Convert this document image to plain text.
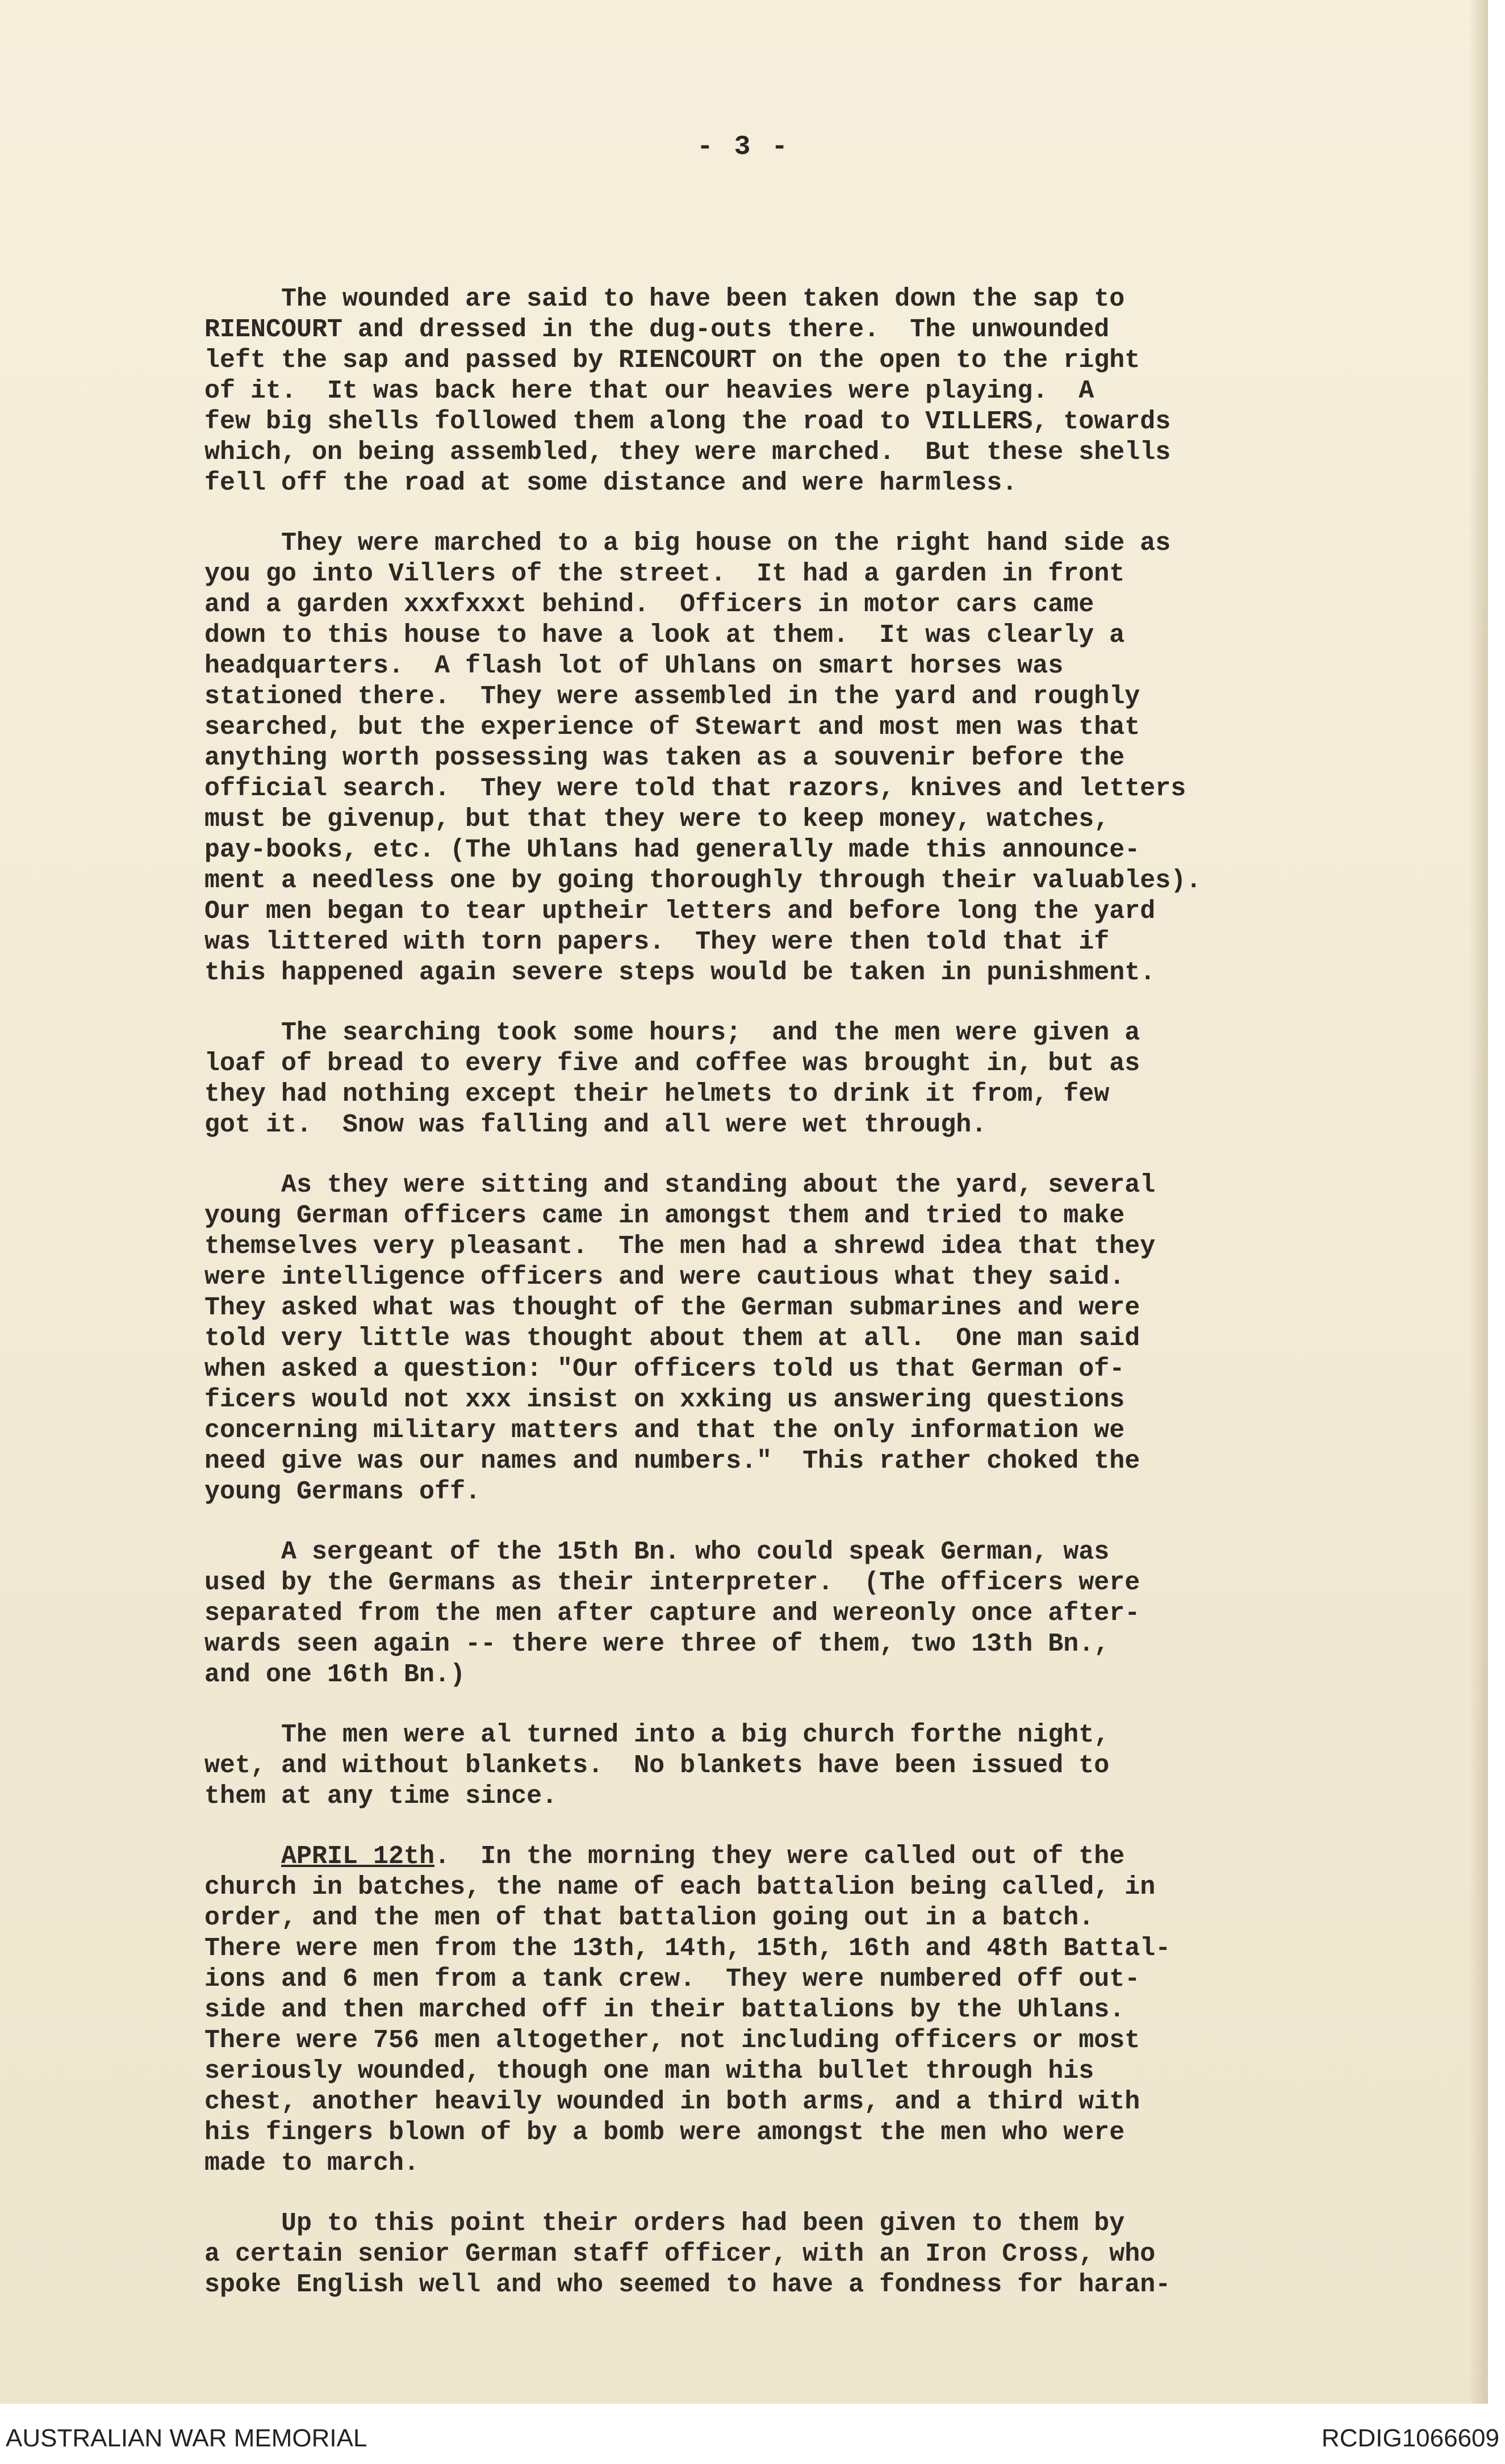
- 3 -
The wounded are said to have been taken down the sap to
RIENCOURT and dressed in the dug-outs there.  The unwounded
left the sap and passed by RIENCOURT on the open to the right
of it.  It was back here that our heavies were playing.  A
few big shells followed them along the road to VILLERS, towards
which, on being assembled, they were marched.  But these shells
fell off the road at some distance and were harmless.
They were marched to a big house on the right hand side as
you go into Villers of the street.  It had a garden in front
and a garden xxxfxxxt behind.  Officers in motor cars came
down to this house to have a look at them.  It was clearly a
headquarters.  A flash lot of Uhlans on smart horses was
stationed there.  They were assembled in the yard and roughly
searched, but the experience of Stewart and most men was that
anything worth possessing was taken as a souvenir before the
official search.  They were told that razors, knives and letters
must be givenup, but that they were to keep money, watches,
pay-books, etc. (The Uhlans had generally made this announce-
ment a needless one by going thoroughly through their valuables).
Our men began to tear uptheir letters and before long the yard
was littered with torn papers.  They were then told that if
this happened again severe steps would be taken in punishment.
The searching took some hours;  and the men were given a
loaf of bread to every five and coffee was brought in, but as
they had nothing except their helmets to drink it from, few
got it.  Snow was falling and all were wet through.
As they were sitting and standing about the yard, several
young German officers came in amongst them and tried to make
themselves very pleasant.  The men had a shrewd idea that they
were intelligence officers and were cautious what they said.
They asked what was thought of the German submarines and were
told very little was thought about them at all.  One man said
when asked a question: "Our officers told us that German of-
ficers would not xxx insist on xxking us answering questions
concerning military matters and that the only information we
need give was our names and numbers."  This rather choked the
young Germans off.
A sergeant of the 15th Bn. who could speak German, was
used by the Germans as their interpreter.  (The officers were
separated from the men after capture and wereonly once after-
wards seen again -- there were three of them, two 13th Bn.,
and one 16th Bn.)
The men were al turned into a big church forthe night,
wet, and without blankets.  No blankets have been issued to
them at any time since.
APRIL 12th.  In the morning they were called out of the
church in batches, the name of each battalion being called, in
order, and the men of that battalion going out in a batch.
There were men from the 13th, 14th, 15th, 16th and 48th Battal-
ions and 6 men from a tank crew.  They were numbered off out-
side and then marched off in their battalions by the Uhlans.
There were 756 men altogether, not including officers or most
seriously wounded, though one man witha bullet through his
chest, another heavily wounded in both arms, and a third with
his fingers blown of by a bomb were amongst the men who were
made to march.
Up to this point their orders had been given to them by
a certain senior German staff officer, with an Iron Cross, who
spoke English well and who seemed to have a fondness for haran-
AUSTRALIAN WAR MEMORIAL	RCDIG1066609
